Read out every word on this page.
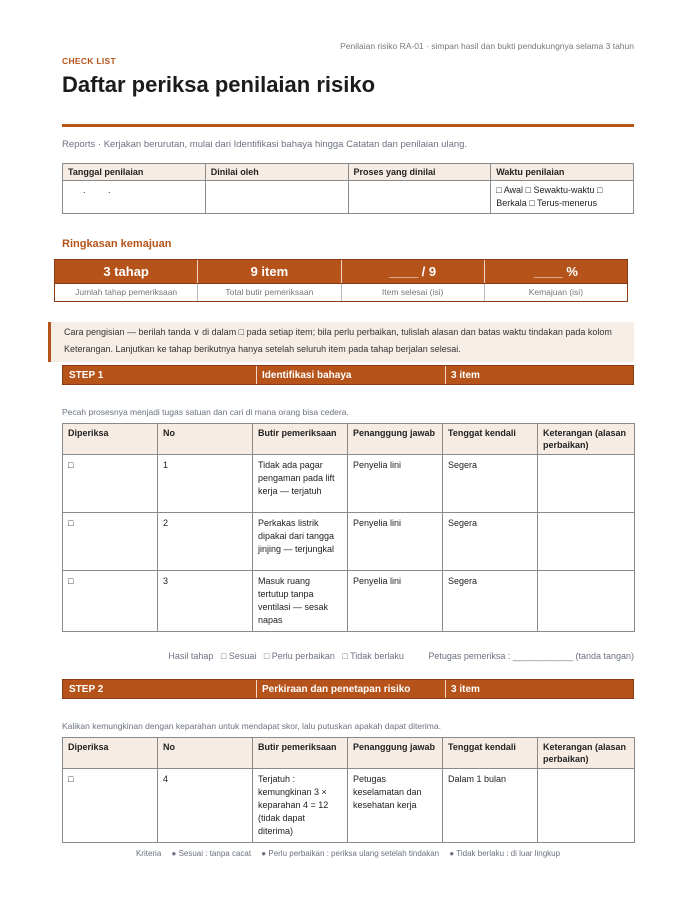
Penilaian risiko RA-01 · simpan hasil dan bukti pendukungnya selama 3 tahun
CHECK LIST
Daftar periksa penilaian risiko
Reports · Kerjakan berurutan, mulai dari Identifikasi bahaya hingga Catatan dan penilaian ulang.
Tanggal penilaian	Dinilai oleh	Proses yang dinilai	Waktu penilaian
. .			□ Awal □ Sewaktu-waktu □ Berkala □ Terus-menerus
Ringkasan kemajuan
3 tahap	9 item	____ / 9	____ %
Jumlah tahap pemeriksaan	Total butir pemeriksaan	Item selesai (isi)	Kemajuan (isi)
Cara pengisian — berilah tanda ∨ di dalam □ pada setiap item; bila perlu perbaikan, tulislah alasan dan batas waktu tindakan pada kolom Keterangan. Lanjutkan ke tahap berikutnya hanya setelah seluruh item pada tahap berjalan selesai.
STEP 1	Identifikasi bahaya	3 item
Pecah prosesnya menjadi tugas satuan dan cari di mana orang bisa cedera.
Diperiksa	No	Butir pemeriksaan	Penanggung jawab	Tenggat kendali	Keterangan (alasan perbaikan)
□	1	Tidak ada pagar pengaman pada lift kerja — terjatuh	Penyelia lini	Segera	
□	2	Perkakas listrik dipakai dari tangga jinjing — terjungkal	Penyelia lini	Segera	
□	3	Masuk ruang tertutup tanpa ventilasi — sesak napas	Penyelia lini	Segera	
Hasil tahap □ Sesuai □ Perlu perbaikan □ Tidak berlaku	Petugas pemeriksa : ____________ (tanda tangan)
STEP 2	Perkiraan dan penetapan risiko	3 item
Kalikan kemungkinan dengan keparahan untuk mendapat skor, lalu putuskan apakah dapat diterima.
Diperiksa	No	Butir pemeriksaan	Penanggung jawab	Tenggat kendali	Keterangan (alasan perbaikan)
□	4	Terjatuh : kemungkinan 3 × keparahan 4 = 12 (tidak dapat diterima)	Petugas keselamatan dan kesehatan kerja	Dalam 1 bulan	
Kriteria ● Sesuai : tanpa cacat ● Perlu perbaikan : periksa ulang setelah tindakan ● Tidak berlaku : di luar lingkup
